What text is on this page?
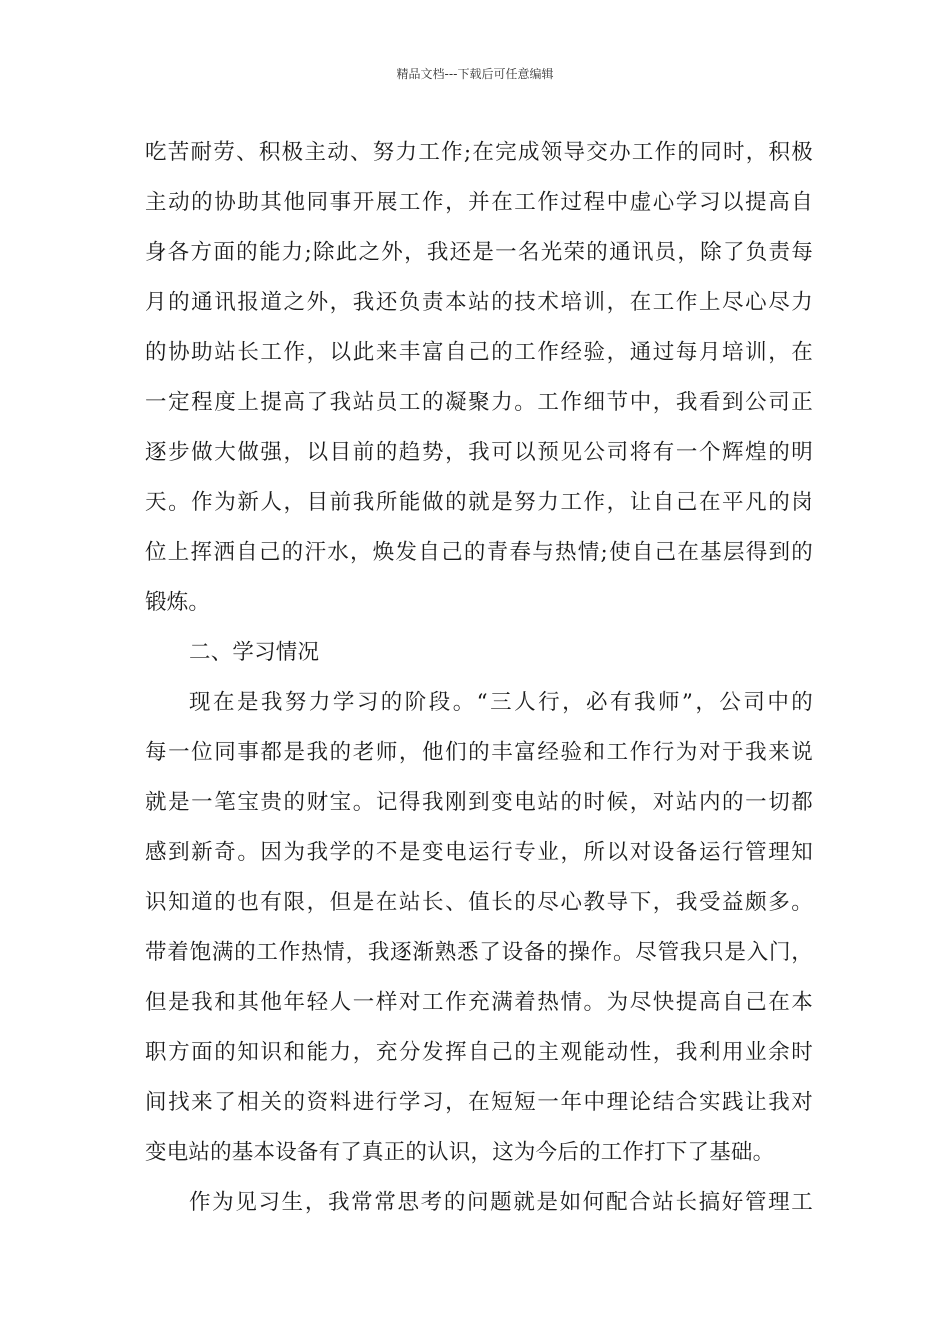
精品文档---下载后可任意编辑
吃苦耐劳、积极主动、努力工作;在完成领导交办工作的同时，积极
主动的协助其他同事开展工作，并在工作过程中虚心学习以提高自
身各方面的能力;除此之外，我还是一名光荣的通讯员，除了负责每
月的通讯报道之外，我还负责本站的技术培训，在工作上尽心尽力
的协助站长工作，以此来丰富自己的工作经验，通过每月培训，在
一定程度上提高了我站员工的凝聚力。工作细节中，我看到公司正
逐步做大做强，以目前的趋势，我可以预见公司将有一个辉煌的明
天。作为新人，目前我所能做的就是努力工作，让自己在平凡的岗
位上挥洒自己的汗水，焕发自己的青春与热情;使自己在基层得到的
锻炼。
二、学习情况
现在是我努力学习的阶段。“三人行，必有我师”，公司中的
每一位同事都是我的老师，他们的丰富经验和工作行为对于我来说
就是一笔宝贵的财宝。记得我刚到变电站的时候，对站内的一切都
感到新奇。因为我学的不是变电运行专业，所以对设备运行管理知
识知道的也有限，但是在站长、值长的尽心教导下，我受益颇多。
带着饱满的工作热情，我逐渐熟悉了设备的操作。尽管我只是入门，
但是我和其他年轻人一样对工作充满着热情。为尽快提高自己在本
职方面的知识和能力，充分发挥自己的主观能动性，我利用业余时
间找来了相关的资料进行学习，在短短一年中理论结合实践让我对
变电站的基本设备有了真正的认识，这为今后的工作打下了基础。
作为见习生，我常常思考的问题就是如何配合站长搞好管理工
